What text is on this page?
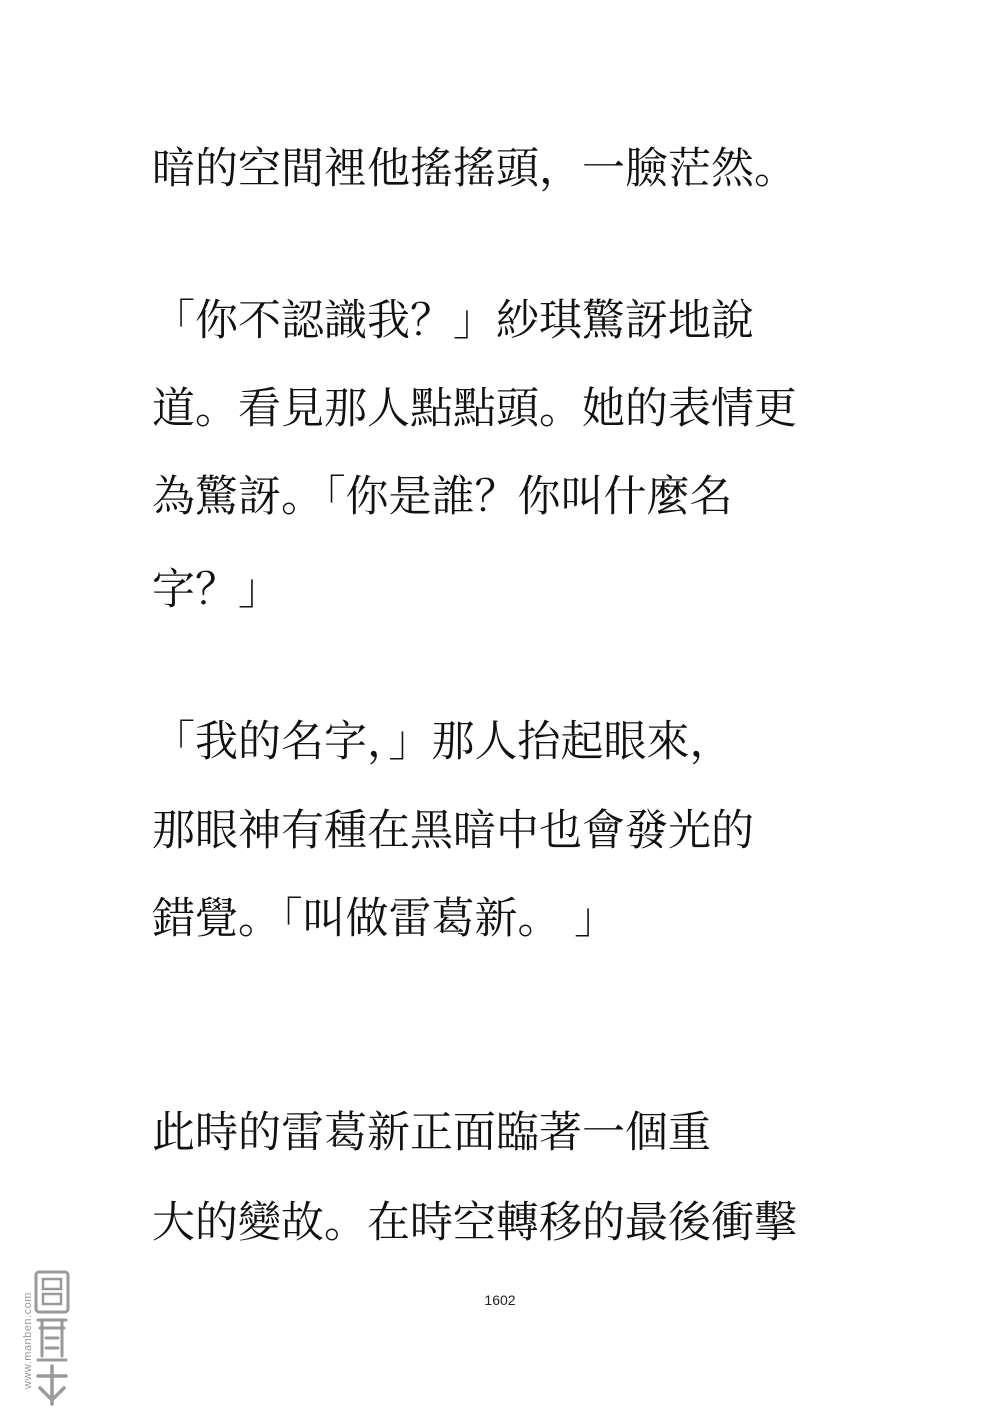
暗的空間裡他搖搖頭，一臉茫然。
「你不認識我？」紗琪驚訝地說
道。看見那人點點頭。她的表情更
為驚訝。「你是誰？你叫什麼名
字？」
「我的名字，」那人抬起眼來，
那眼神有種在黑暗中也會發光的
錯覺。「叫做雷葛新。 」
此時的雷葛新正面臨著一個重
大的變故。在時空轉移的最後衝擊
1602
www.manben.com
